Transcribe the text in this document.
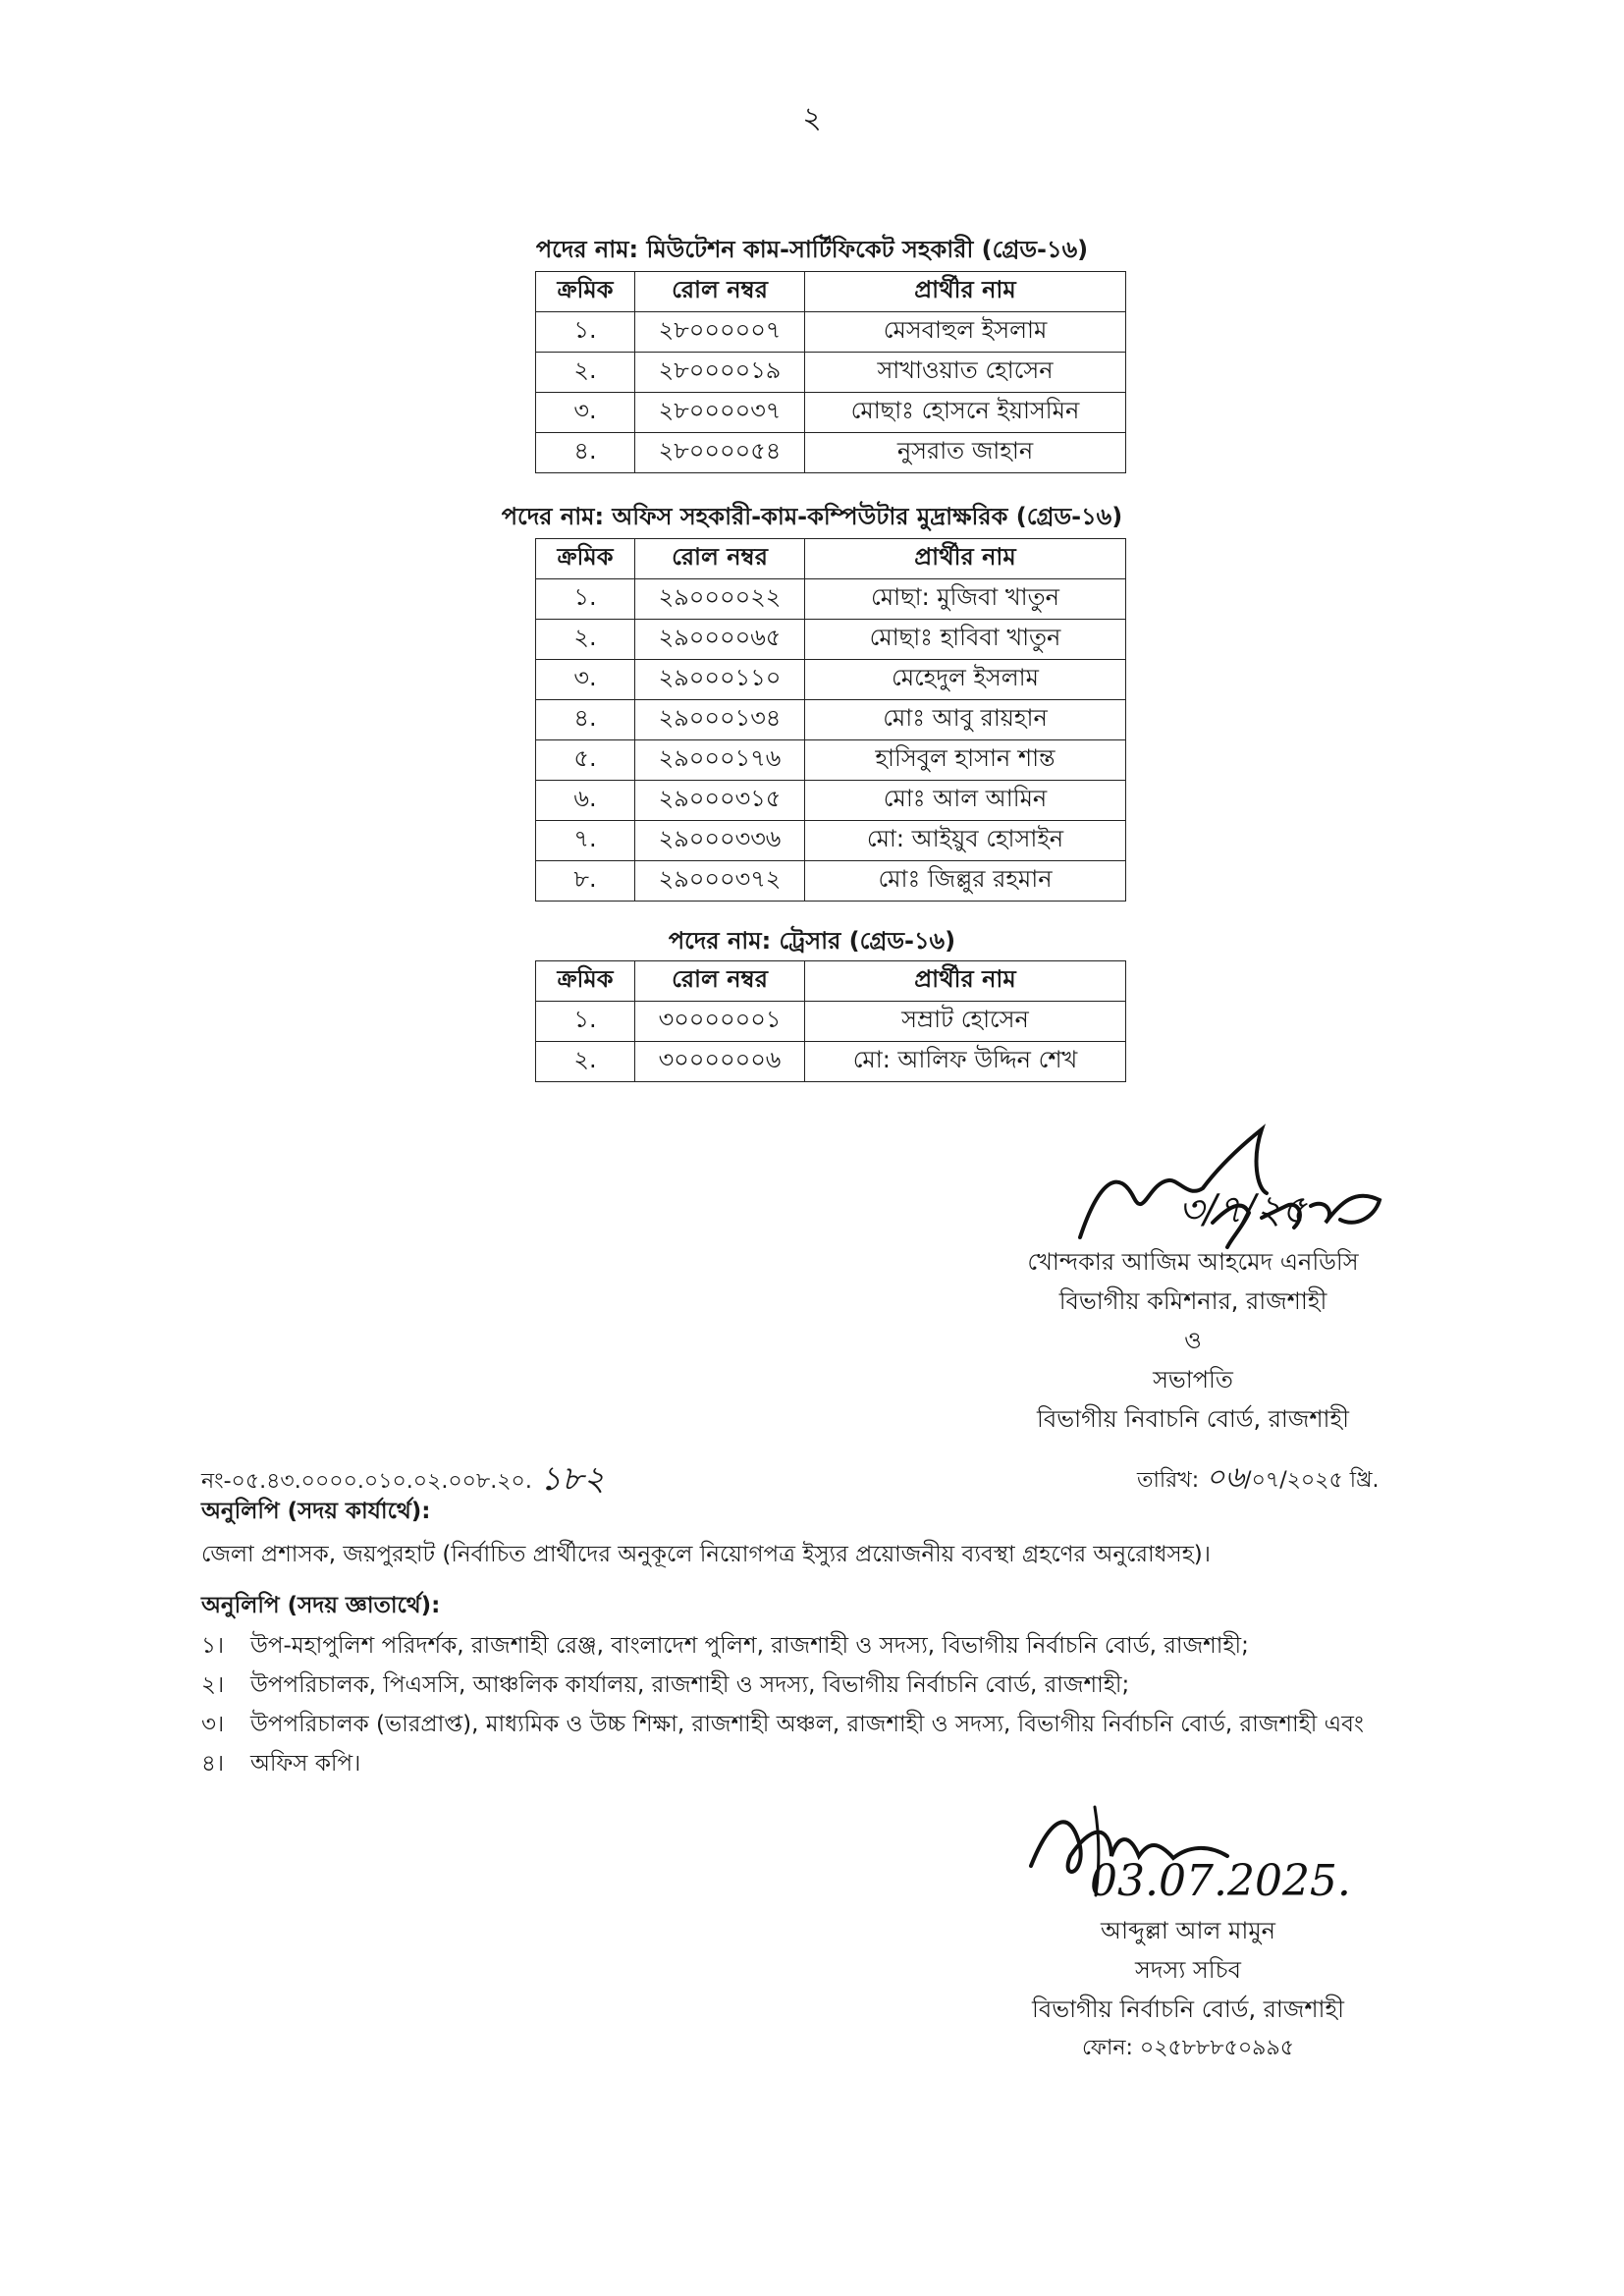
২
পদের নাম: মিউটেশন কাম-সার্টিফিকেট সহকারী (গ্রেড-১৬)
ক্রমিক	রোল নম্বর	প্রার্থীর নাম
১.	২৮০০০০০৭	মেসবাহুল ইসলাম
২.	২৮০০০০১৯	সাখাওয়াত হোসেন
৩.	২৮০০০০৩৭	মোছাঃ হোসনে ইয়াসমিন
৪.	২৮০০০০৫৪	নুসরাত জাহান
পদের নাম: অফিস সহকারী-কাম-কম্পিউটার মুদ্রাক্ষরিক (গ্রেড-১৬)
ক্রমিক	রোল নম্বর	প্রার্থীর নাম
১.	২৯০০০০২২	মোছা: মুজিবা খাতুন
২.	২৯০০০০৬৫	মোছাঃ হাবিবা খাতুন
৩.	২৯০০০১১০	মেহেদুল ইসলাম
৪.	২৯০০০১৩৪	মোঃ আবু রায়হান
৫.	২৯০০০১৭৬	হাসিবুল হাসান শান্ত
৬.	২৯০০০৩১৫	মোঃ আল আমিন
৭.	২৯০০০৩৩৬	মো: আইয়ুব হোসাইন
৮.	২৯০০০৩৭২	মোঃ জিল্লুর রহমান
পদের নাম: ট্রেসার (গ্রেড-১৬)
ক্রমিক	রোল নম্বর	প্রার্থীর নাম
১.	৩০০০০০০১	সম্রাট হোসেন
২.	৩০০০০০০৬	মো: আলিফ উদ্দিন শেখ
৩/৭/২৫
খোন্দকার আজিম আহমেদ এনডিসি
বিভাগীয় কমিশনার, রাজশাহী
ও
সভাপতি
বিভাগীয় নিবাচনি বোর্ড, রাজশাহী
নং-০৫.৪৩.০০০০.০১০.০২.০০৮.২০. ১৮২	তারিখ: ০৬/০৭/২০২৫ খ্রি.
অনুলিপি (সদয় কার্যার্থে):
জেলা প্রশাসক, জয়পুরহাট (নির্বাচিত প্রার্থীদের অনুকূলে নিয়োগপত্র ইস্যুর প্রয়োজনীয় ব্যবস্থা গ্রহণের অনুরোধসহ)।
অনুলিপি (সদয় জ্ঞাতার্থে):
১।	উপ-মহাপুলিশ পরিদর্শক, রাজশাহী রেঞ্জ, বাংলাদেশ পুলিশ, রাজশাহী ও সদস্য, বিভাগীয় নির্বাচনি বোর্ড, রাজশাহী;
২।	উপপরিচালক, পিএসসি, আঞ্চলিক কার্যালয়, রাজশাহী ও সদস্য, বিভাগীয় নির্বাচনি বোর্ড, রাজশাহী;
৩।	উপপরিচালক (ভারপ্রাপ্ত), মাধ্যমিক ও উচ্চ শিক্ষা, রাজশাহী অঞ্চল, রাজশাহী ও সদস্য, বিভাগীয় নির্বাচনি বোর্ড, রাজশাহী এবং
৪।	অফিস কপি।
03.07.2025.
আব্দুল্লা আল মামুন
সদস্য সচিব
বিভাগীয় নির্বাচনি বোর্ড, রাজশাহী
ফোন: ০২৫৮৮৮৫০৯৯৫
